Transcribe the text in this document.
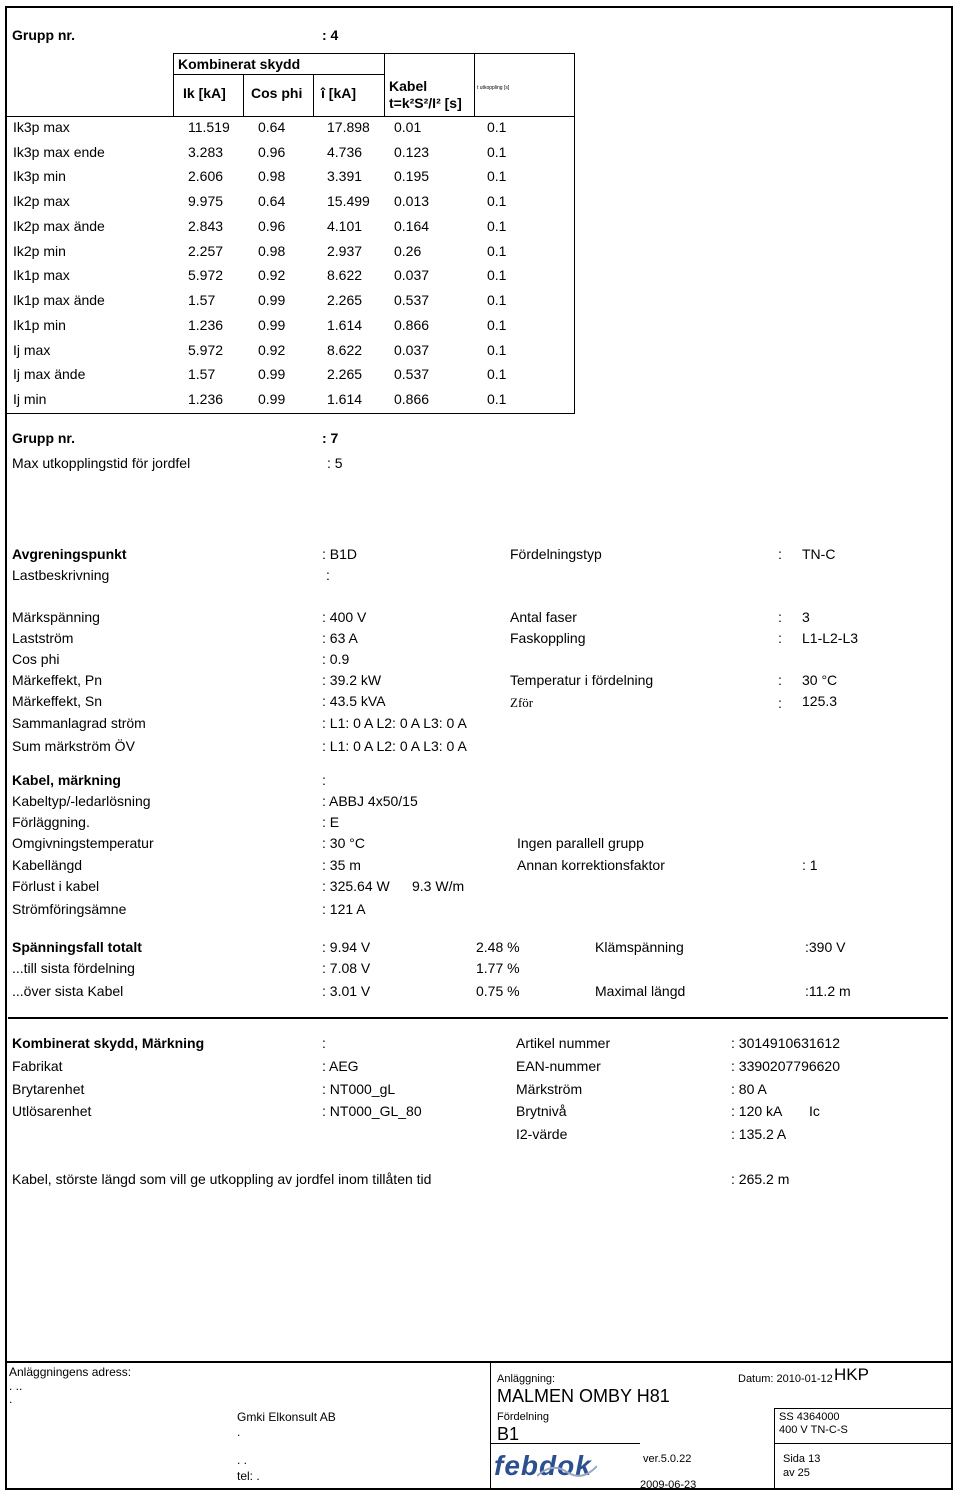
Grupp nr.	: 4
Kombinerat skydd
Ik [kA] Cos phi î [kA] Kabel
t=k²S²/I² [s]
t utkoppling [s]
Ik3p max	11.519 0.64	17.898 0.01	0.1
Ik3p max ende	3.283 0.96	4.736 0.123	0.1
Ik3p min	2.606 0.98	3.391 0.195	0.1
Ik2p max	9.975 0.64	15.499 0.013	0.1
Ik2p max ände	2.843 0.96	4.101 0.164	0.1
Ik2p min	2.257 0.98	2.937 0.26	0.1
Ik1p max	5.972 0.92	8.622 0.037	0.1
Ik1p max ände	1.57	0.99	2.265 0.537	0.1
Ik1p min	1.236 0.99	1.614 0.866	0.1
Ij max	5.972 0.92	8.622 0.037	0.1
Ij max ände	1.57	0.99	2.265 0.537	0.1
Ij min	1.236 0.99	1.614 0.866	0.1
Grupp nr.	: 7
Max utkopplingstid för jordfel	: 5
Avgreningspunkt	: B1D	Fördelningstyp	: TN-C
Lastbeskrivning	:
Märkspänning	: 400 V	Antal faser	: 3
Lastström	: 63 A	Faskoppling	: L1-L2-L3
Cos phi	: 0.9
Märkeffekt, Pn	: 39.2 kW	Temperatur i fördelning	: 30 °C
Märkeffekt, Sn	: 43.5 kVA	Zför	: 125.3
Sammanlagrad ström	: L1: 0 A L2: 0 A L3: 0 A
Sum märkström ÖV	: L1: 0 A L2: 0 A L3: 0 A
Kabel, märkning	:
Kabeltyp/-ledarlösning	: ABBJ 4x50/15
Förläggning.	: E
Omgivningstemperatur	: 30 °C	Ingen parallell grupp
Kabellängd	: 35 m	Annan korrektionsfaktor	: 1
Förlust i kabel	: 325.64 W 9.3 W/m
Strömföringsämne	: 121 A
Spänningsfall totalt	: 9.94 V	2.48 %	Klämspänning	:390 V
...till sista fördelning	: 7.08 V	1.77 %
...över sista Kabel	: 3.01 V	0.75 %	Maximal längd	:11.2 m
Kombinerat skydd, Märkning	:	Artikel nummer	: 3014910631612
Fabrikat	: AEG	EAN-nummer	: 3390207796620
Brytarenhet	: NT000_gL	Märkström	: 80 A
Utlösarenhet	: NT000_GL_80	Brytnivå	: 120 kA Ic
I2-värde	: 135.2 A
Kabel, störste längd som vill ge utkoppling av jordfel inom tillåten tid	: 265.2 m
Anläggningens adress:
. ..
.
Gmki Elkonsult AB
.
. .
tel: .
Anläggning:
MALMEN OMBY H81
Fördelning
B1
febdok	ver.5.0.22
2009-06-23
Datum: 2010-01-12 HKP
SS 4364000
400 V TN-C-S
Sida 13
av 25
